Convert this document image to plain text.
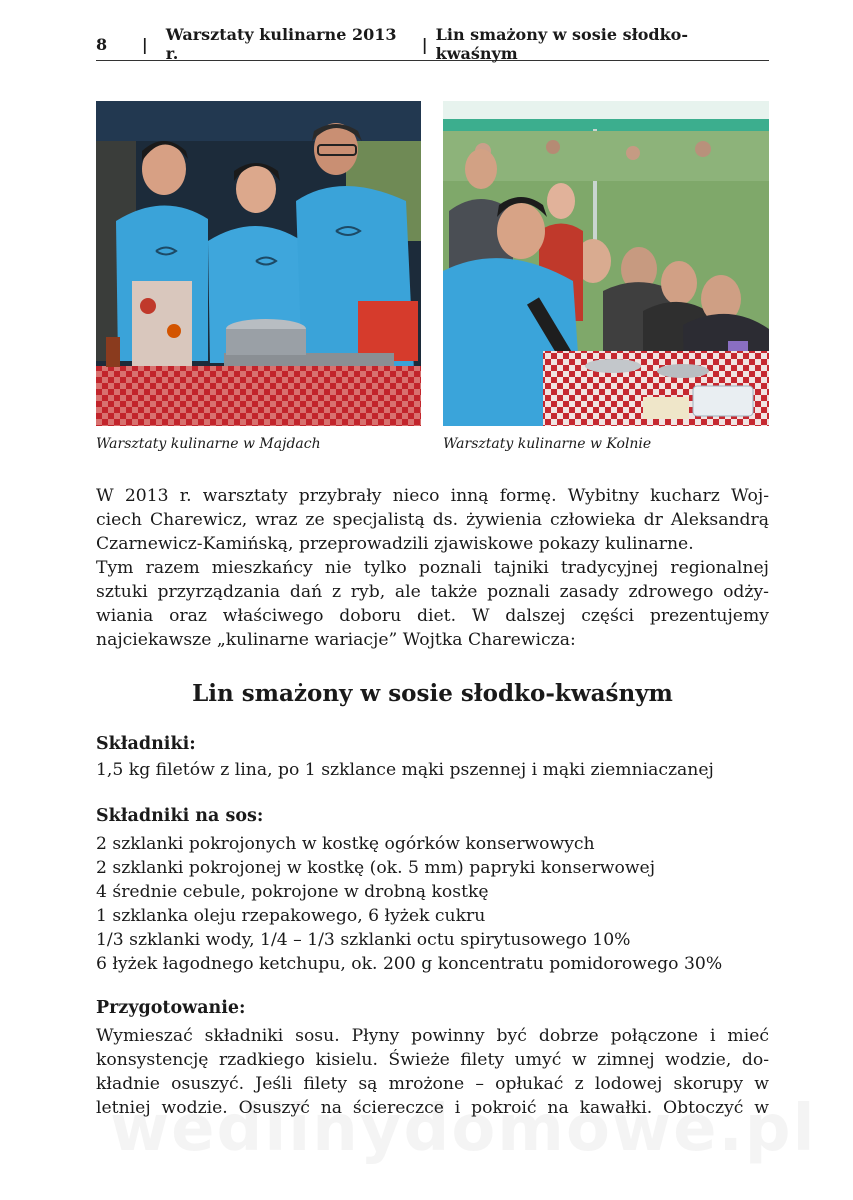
8	|	Warsztaty kulinarne 2013 r.	| Lin smażony w sosie słodko-kwaśnym
Warsztaty kulinarne w Majdach	Warsztaty kulinarne w Kolnie
W 2013 r. warsztaty przybrały nieco inną formę. Wybitny kucharz Woj-
ciech Charewicz, wraz ze specjalistą ds. żywienia człowieka dr Aleksandrą
Czarnewicz-Kamińską, przeprowadzili zjawiskowe pokazy kulinarne.
Tym razem mieszkańcy nie tylko poznali tajniki tradycyjnej regionalnej
sztuki przyrządzania dań z ryb, ale także poznali zasady zdrowego odży-
wiania oraz właściwego doboru diet. W dalszej części prezentujemy
najciekawsze „kulinarne wariacje” Wojtka Charewicza:
Lin smażony w sosie słodko-kwaśnym
Składniki:
1,5 kg filetów z lina, po 1 szklance mąki pszennej i mąki ziemniaczanej
Składniki na sos:
2 szklanki pokrojonych w kostkę ogórków konserwowych
2 szklanki pokrojonej w kostkę (ok. 5 mm) papryki konserwowej
4 średnie cebule, pokrojone w drobną kostkę
1 szklanka oleju rzepakowego, 6 łyżek cukru
1/3 szklanki wody, 1/4 – 1/3 szklanki octu spirytusowego 10%
6 łyżek łagodnego ketchupu, ok. 200 g koncentratu pomidorowego 30%
Przygotowanie:
Wymieszać składniki sosu. Płyny powinny być dobrze połączone i mieć
konsystencję rzadkiego kisielu. Świeże filety umyć w zimnej wodzie, do-
kładnie osuszyć. Jeśli filety są mrożone – opłukać z lodowej skorupy w
letniej wodzie. Osuszyć na ściereczce i pokroić na kawałki. Obtoczyć w
